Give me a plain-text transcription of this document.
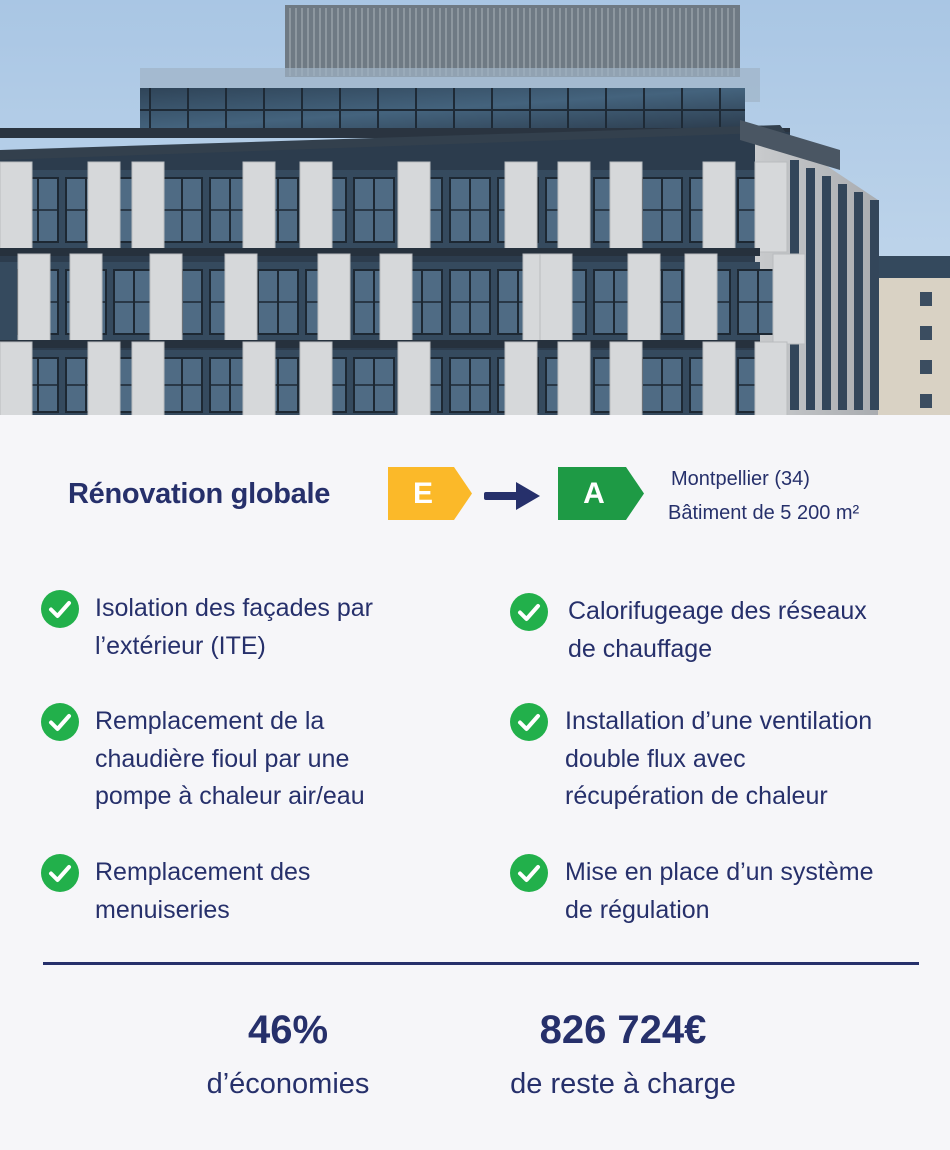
Rénovation globale	E	A	Montpellier (34)
Bâtiment de 5 200 m²

Isolation des façades par
l’extérieur (ITE)

Remplacement de la
chaudière fioul par une
pompe à chaleur air/eau

Remplacement des
menuiseries

Calorifugeage des réseaux
de chauffage

Installation d’une ventilation
double flux avec
récupération de chaleur

Mise en place d’un système
de régulation

46%
d’économies
826 724€
de reste à charge
